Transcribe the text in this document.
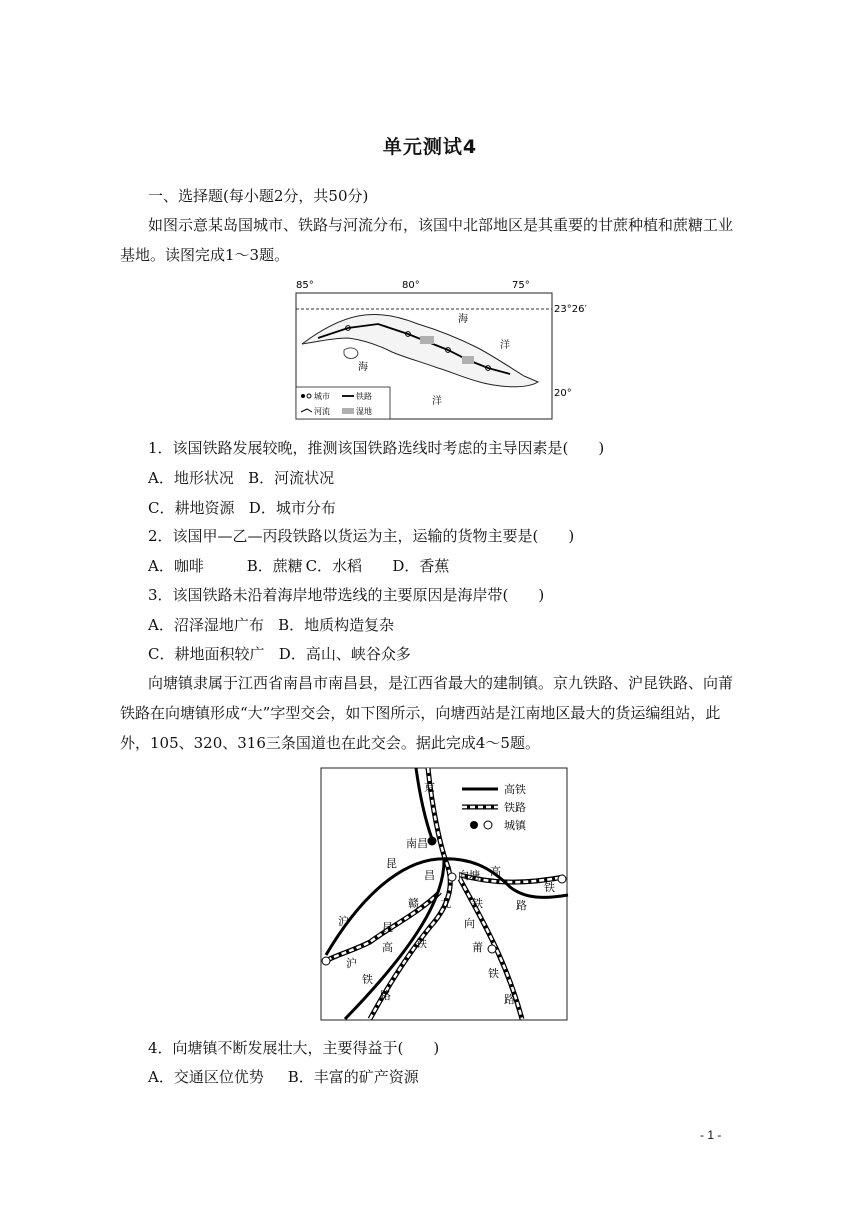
单元测试4
一、选择题(每小题2分，共50分)
如图示意某岛国城市、铁路与河流分布，该国中北部地区是其重要的甘蔗种植和蔗糖工业基地。读图完成1～3题。
85°	80°	75°
23°26′
20°
海
洋
海
洋
城市	铁路
河流	湿地
1．该国铁路发展较晚，推测该国铁路选线时考虑的主导因素是(　　)
A．地形状况 B．河流状况
C．耕地资源 D．城市分布
2．该国甲—乙—丙段铁路以货运为主，运输的货物主要是(　　)
A．咖啡	B．蔗糖 C．水稻 D．香蕉
3．该国铁路未沿着海岸地带选线的主要原因是海岸带(　　)
A．沼泽湿地广布 B．地质构造复杂
C．耕地面积较广 D．高山、峡谷众多
向塘镇隶属于江西省南昌市南昌县，是江西省最大的建制镇。京九铁路、沪昆铁路、向莆铁路在向塘镇形成“大”字型交会，如下图所示，向塘西站是江南地区最大的货运编组站，此外，105、320、316三条国道也在此交会。据此完成4～5题。
高铁
铁路
城镇
京
南昌
昆
昌 向塘 高
铁
路
沪
赣 九
向
铁
莆
昆
高 铁
沪
铁
路
铁
路
4．向塘镇不断发展壮大，主要得益于(　　)
A．交通区位优势 B．丰富的矿产资源
- 1 -
